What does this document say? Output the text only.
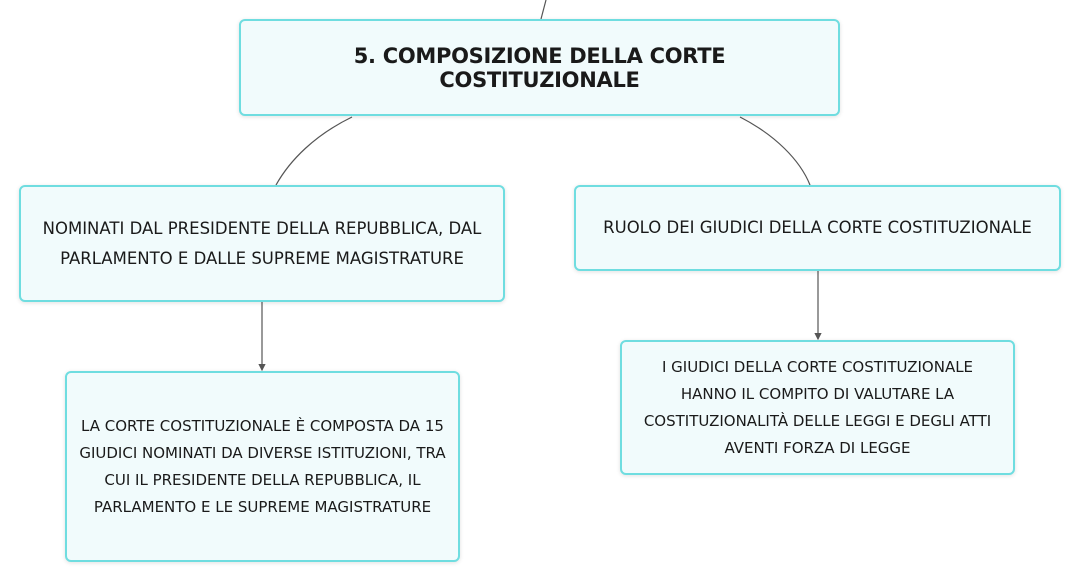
5. COMPOSIZIONE DELLA CORTE COSTITUZIONALE
NOMINATI DAL PRESIDENTE DELLA REPUBBLICA, DAL PARLAMENTO E DALLE SUPREME MAGISTRATURE
RUOLO DEI GIUDICI DELLA CORTE COSTITUZIONALE
LA CORTE COSTITUZIONALE È COMPOSTA DA 15 GIUDICI NOMINATI DA DIVERSE ISTITUZIONI, TRA CUI IL PRESIDENTE DELLA REPUBBLICA, IL PARLAMENTO E LE SUPREME MAGISTRATURE
I GIUDICI DELLA CORTE COSTITUZIONALE HANNO IL COMPITO DI VALUTARE LA COSTITUZIONALITÀ DELLE LEGGI E DEGLI ATTI AVENTI FORZA DI LEGGE
